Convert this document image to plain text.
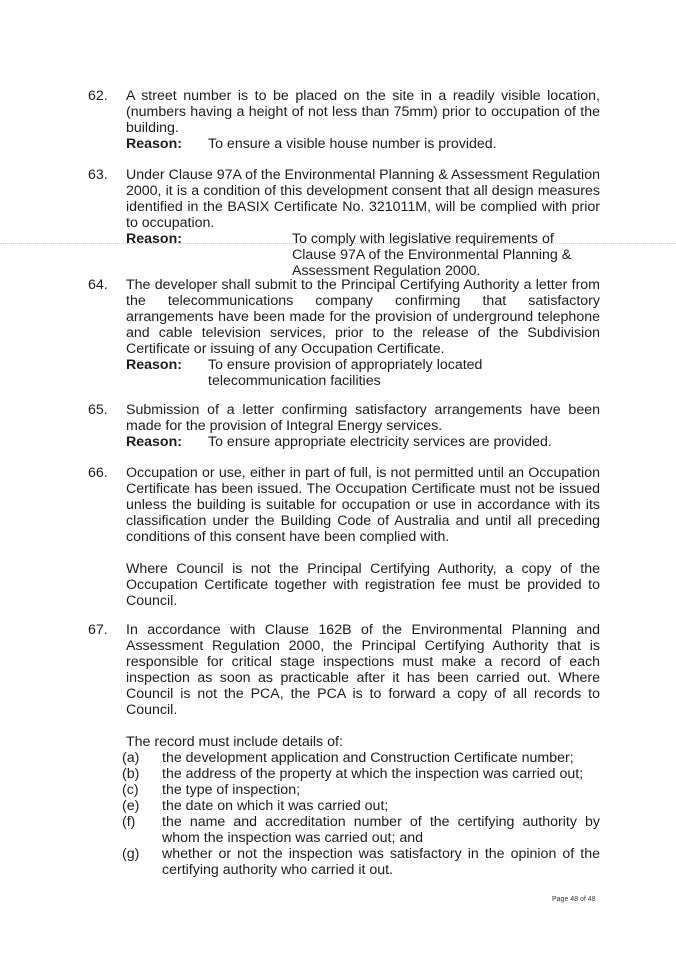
62.	A street number is to be placed on the site in a readily visible location, (numbers having a height of not less than 75mm) prior to occupation of the building.
Reason:	To ensure a visible house number is provided.
63.	Under Clause 97A of the Environmental Planning & Assessment Regulation 2000, it is a condition of this development consent that all design measures identified in the BASIX Certificate No. 321011M, will be complied with prior to occupation.
Reason:	To comply with legislative requirements of Clause 97A of the Environmental Planning & Assessment Regulation 2000.
64.	The developer shall submit to the Principal Certifying Authority a letter from the telecommunications company confirming that satisfactory arrangements have been made for the provision of underground telephone and cable television services, prior to the release of the Subdivision Certificate or issuing of any Occupation Certificate.
Reason:	To ensure provision of appropriately located telecommunication facilities
65.	Submission of a letter confirming satisfactory arrangements have been made for the provision of Integral Energy services.
Reason:	To ensure appropriate electricity services are provided.
66.	Occupation or use, either in part of full, is not permitted until an Occupation Certificate has been issued. The Occupation Certificate must not be issued unless the building is suitable for occupation or use in accordance with its classification under the Building Code of Australia and until all preceding conditions of this consent have been complied with.
Where Council is not the Principal Certifying Authority, a copy of the Occupation Certificate together with registration fee must be provided to Council.
67.	In accordance with Clause 162B of the Environmental Planning and Assessment Regulation 2000, the Principal Certifying Authority that is responsible for critical stage inspections must make a record of each inspection as soon as practicable after it has been carried out. Where Council is not the PCA, the PCA is to forward a copy of all records to Council.
The record must include details of:
(a)	the development application and Construction Certificate number;
(b)	the address of the property at which the inspection was carried out;
(c)	the type of inspection;
(e)	the date on which it was carried out;
(f)	the name and accreditation number of the certifying authority by whom the inspection was carried out; and
(g)	whether or not the inspection was satisfactory in the opinion of the certifying authority who carried it out.
Page 48 of 48
